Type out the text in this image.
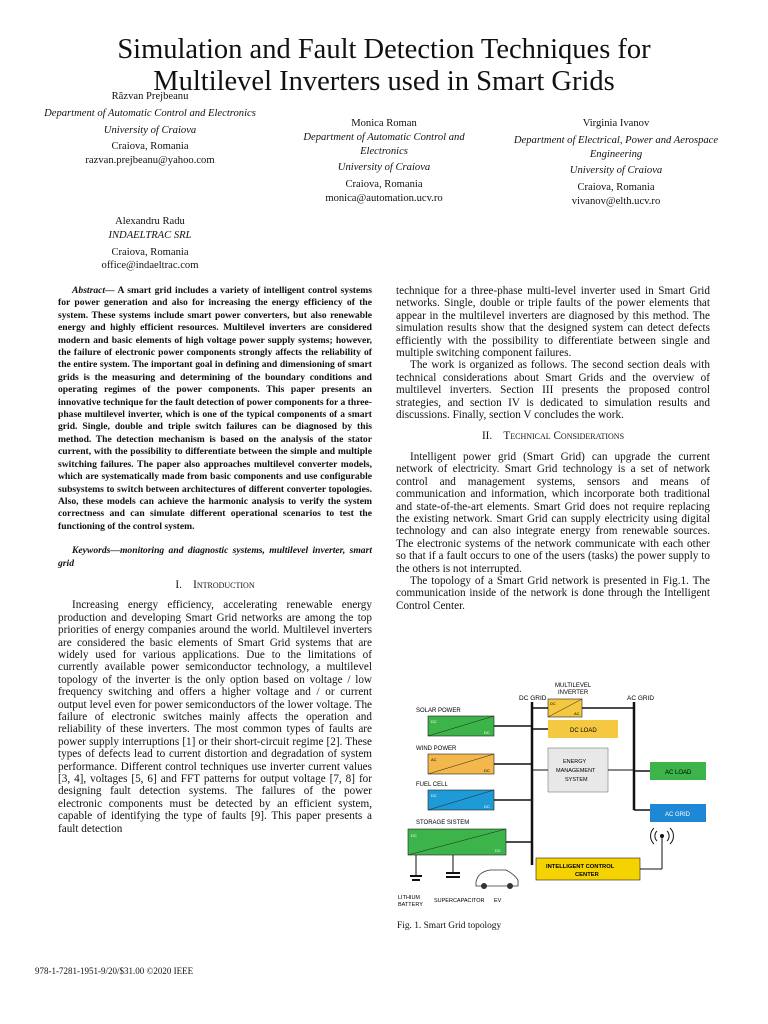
Simulation and Fault Detection Techniques for
Multilevel Inverters used in Smart Grids
Răzvan Prejbeanu
Department of Automatic Control and Electronics
University of Craiova
Craiova, Romania
razvan.prejbeanu@yahoo.com
Monica Roman
Department of Automatic Control and Electronics
University of Craiova
Craiova, Romania
monica@automation.ucv.ro
Virginia Ivanov
Department of Electrical, Power and Aerospace Engineering
University of Craiova
Craiova, Romania
vivanov@elth.ucv.ro
Alexandru Radu
INDAELTRAC SRL
Craiova, Romania
office@indaeltrac.com

Abstract— A smart grid includes a variety of intelligent control systems for power generation and also for increasing the energy efficiency of the system. These systems include smart power converters, but also renewable energy and highly efficient resources. Multilevel inverters are considered modern and basic elements of high voltage power supply systems; however, the failure of electronic power components strongly affects the reliability of the entire system. The important goal in defining and dimensioning of smart grids is the measuring and determining of the boundary conditions and operating regimes of the power components. This paper presents an innovative technique for the fault detection of power components for a three-phase multilevel inverter, which is one of the typical components of a smart grid. Single, double and triple switch failures can be diagnosed by this method. The detection mechanism is based on the analysis of the stator current, with the possibility to differentiate between the simple and multiple switching failures. The paper also approaches multilevel converter models, which are systematically made from basic components and use configurable subsystems to switch between architectures of different converter topologies. Also, these models can achieve the harmonic analysis to verify the system correctness and can simulate different operational scenarios to test the functioning of the control system.

Keywords—monitoring and diagnostic systems, multilevel inverter, smart grid

I. Introduction

Increasing energy efficiency, accelerating renewable energy production and developing Smart Grid networks are among the top priorities of energy companies around the world. Multilevel inverters are considered the basic elements of Smart Grid systems that are widely used for various applications. Due to the limitations of currently available power semiconductor technology, a multilevel topology of the inverter is the only option based on voltage / low frequency switching and offers a higher voltage and / or current output level even for power semiconductors of the lower voltage. The failure of electronic switches mainly affects the operation and reliability of these inverters. The most common types of faults are power supply interruptions [1] or their short-circuit regime [2]. These types of defects lead to current distortion and degradation of system performance. Different control techniques use inverter current values [3, 4], voltages [5, 6] and FFT patterns for output voltage [7, 8] for designing fault detection systems. The failures of the power electronic components must be detected by an efficient system, capable of identifying the type of faults [9]. This paper presents a fault detection

technique for a three-phase multi-level inverter used in Smart Grid networks. Single, double or triple faults of the power elements that appear in the multilevel inverters are diagnosed by this method. The simulation results show that the designed system can detect defects efficiently with the possibility to differentiate between single and multiple switching component failures.

The work is organized as follows. The second section deals with technical considerations about Smart Grids and the overview of multilevel inverters. Section III presents the proposed control strategies, and section IV is dedicated to simulation results and discussions. Finally, section V concludes the work.

II. Technical Considerations

Intelligent power grid (Smart Grid) can upgrade the current network of electricity. Smart Grid technology is a set of network control and management systems, sensors and means of communication and information, which incorporate both traditional and state-of-the-art elements. Smart Grid does not require replacing the existing network. Smart Grid can supply electricity using digital technology and can also integrate energy from renewable sources. The electronic systems of the network communicate with each other so that if a fault occurs to one of the users (tasks) the power supply to the others is not interrupted.

The topology of a Smart Grid network is presented in Fig.1. The communication inside of the network is done through the Intelligent Control Center.

DC GRID	AC GRID
MULTILEVEL
INVERTER
SOLAR POWER
DC
DC
WIND POWER
AC
DC
FUEL CELL
DC
DC
STORAGE SISTEM
DC
DC
LITHIUM
BATTERY
SUPERCAPACITOR EV
DC
AC
DC LOAD
ENERGY
MANAGEMENT
SYSTEM
AC LOAD
AC GRID
INTELLIGENT CONTROL
CENTER
Fig. 1. Smart Grid topology
978-1-7281-1951-9/20/$31.00 ©2020 IEEE
